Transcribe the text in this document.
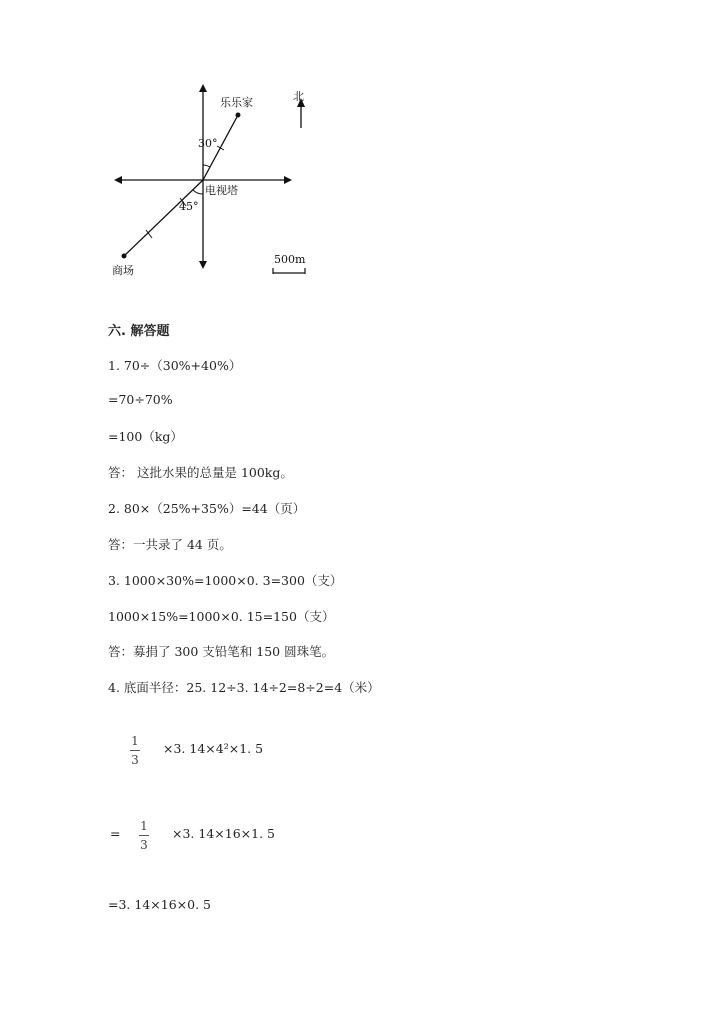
北
乐乐家
30°
电视塔
45°
商场
500m
六. 解答题
1. 70÷（30%+40%）
=70÷70%
=100（kg）
答： 这批水果的总量是 100kg。
2. 80×（25%+35%）=44（页）
答：一共录了 44 页。
3. 1000×30%=1000×0. 3=300（支）
1000×15%=1000×0. 15=150（支）
答：募捐了 300 支铅笔和 150 圆珠笔。
4. 底面半径：25. 12÷3. 14÷2=8÷2=4（米）
1
3
×3. 14×4²×1. 5
= 1
3
×3. 14×16×1. 5
=3. 14×16×0. 5
